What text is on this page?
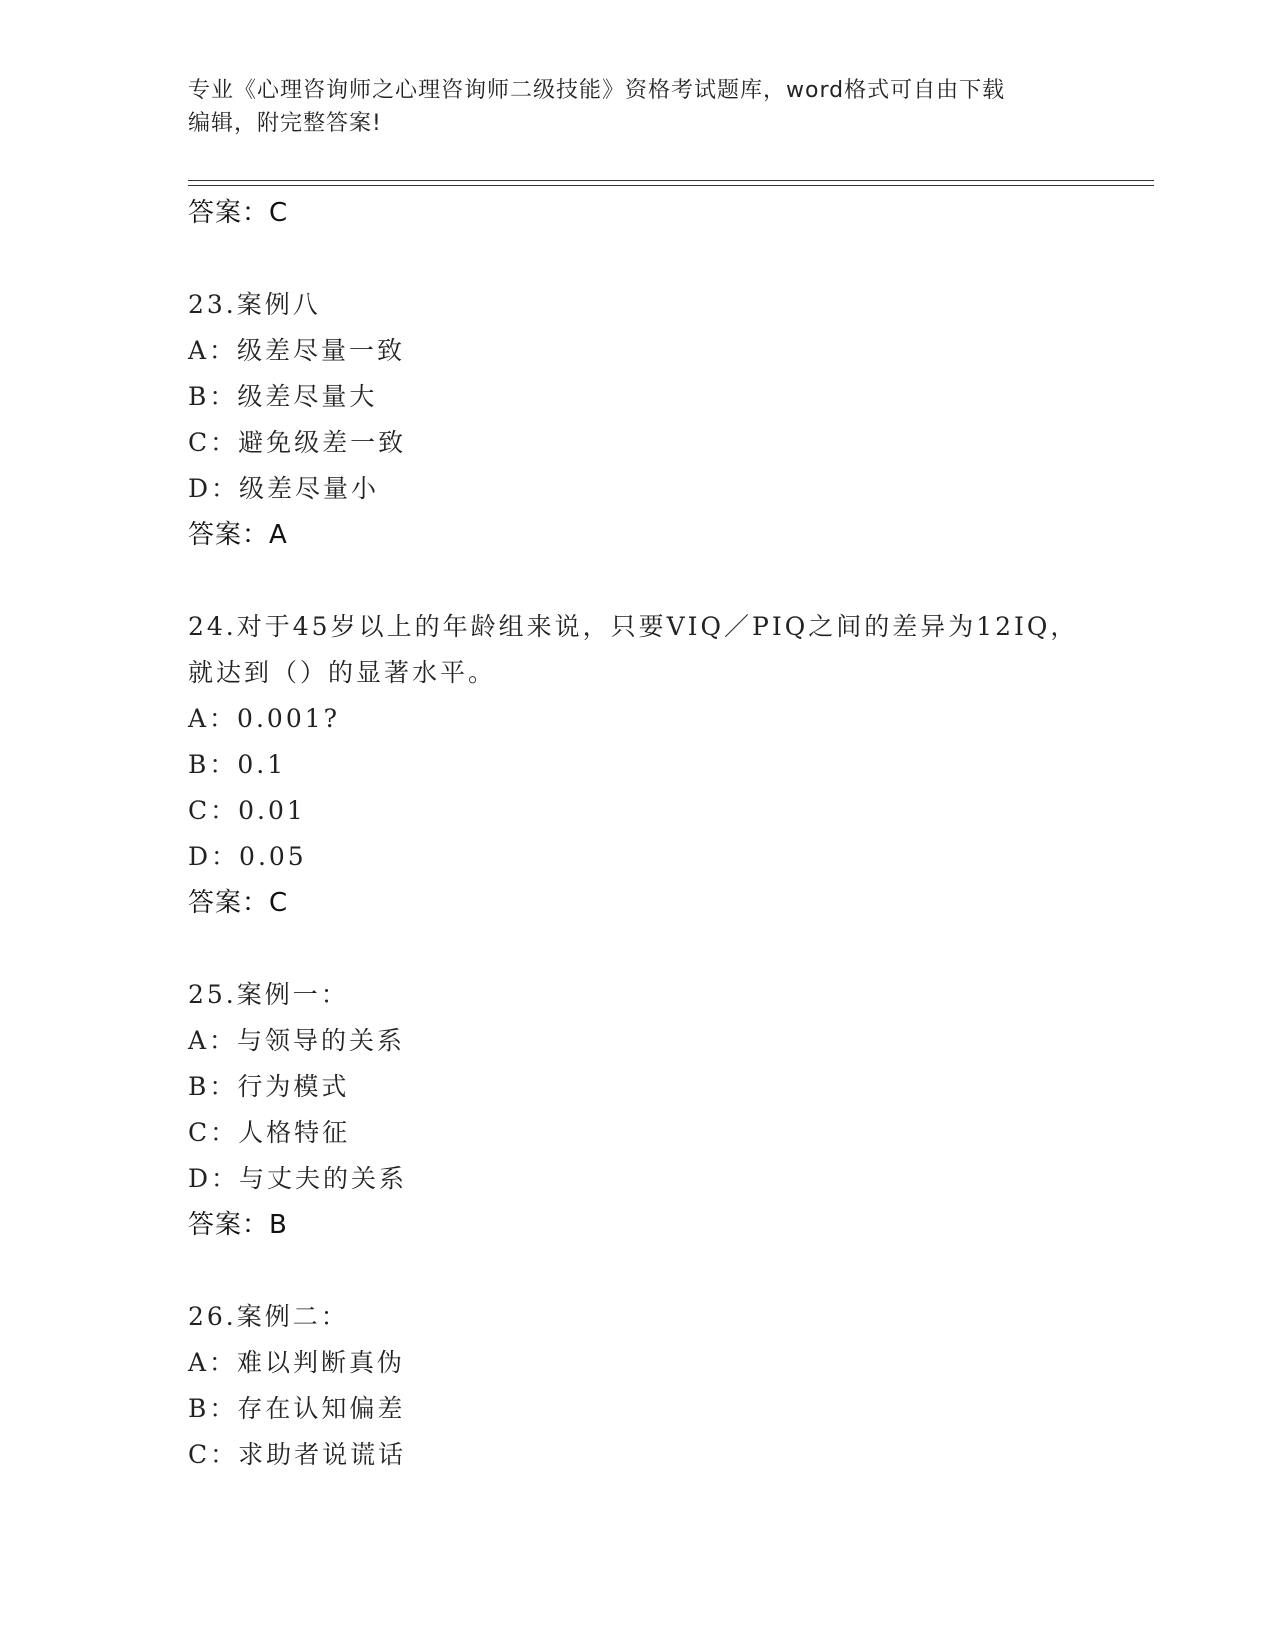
专业《心理咨询师之心理咨询师二级技能》资格考试题库，word格式可自由下载
编辑，附完整答案!
答案：C
23.案例八
A：级差尽量一致
B：级差尽量大
C：避免级差一致
D：级差尽量小
答案：A
24.对于45岁以上的年龄组来说，只要VIQ／PIQ之间的差异为12IQ，
就达到（）的显著水平。
A：0.001?
B：0.1
C：0.01
D：0.05
答案：C
25.案例一：
A：与领导的关系
B：行为模式
C：人格特征
D：与丈夫的关系
答案：B
26.案例二：
A：难以判断真伪
B：存在认知偏差
C：求助者说谎话
